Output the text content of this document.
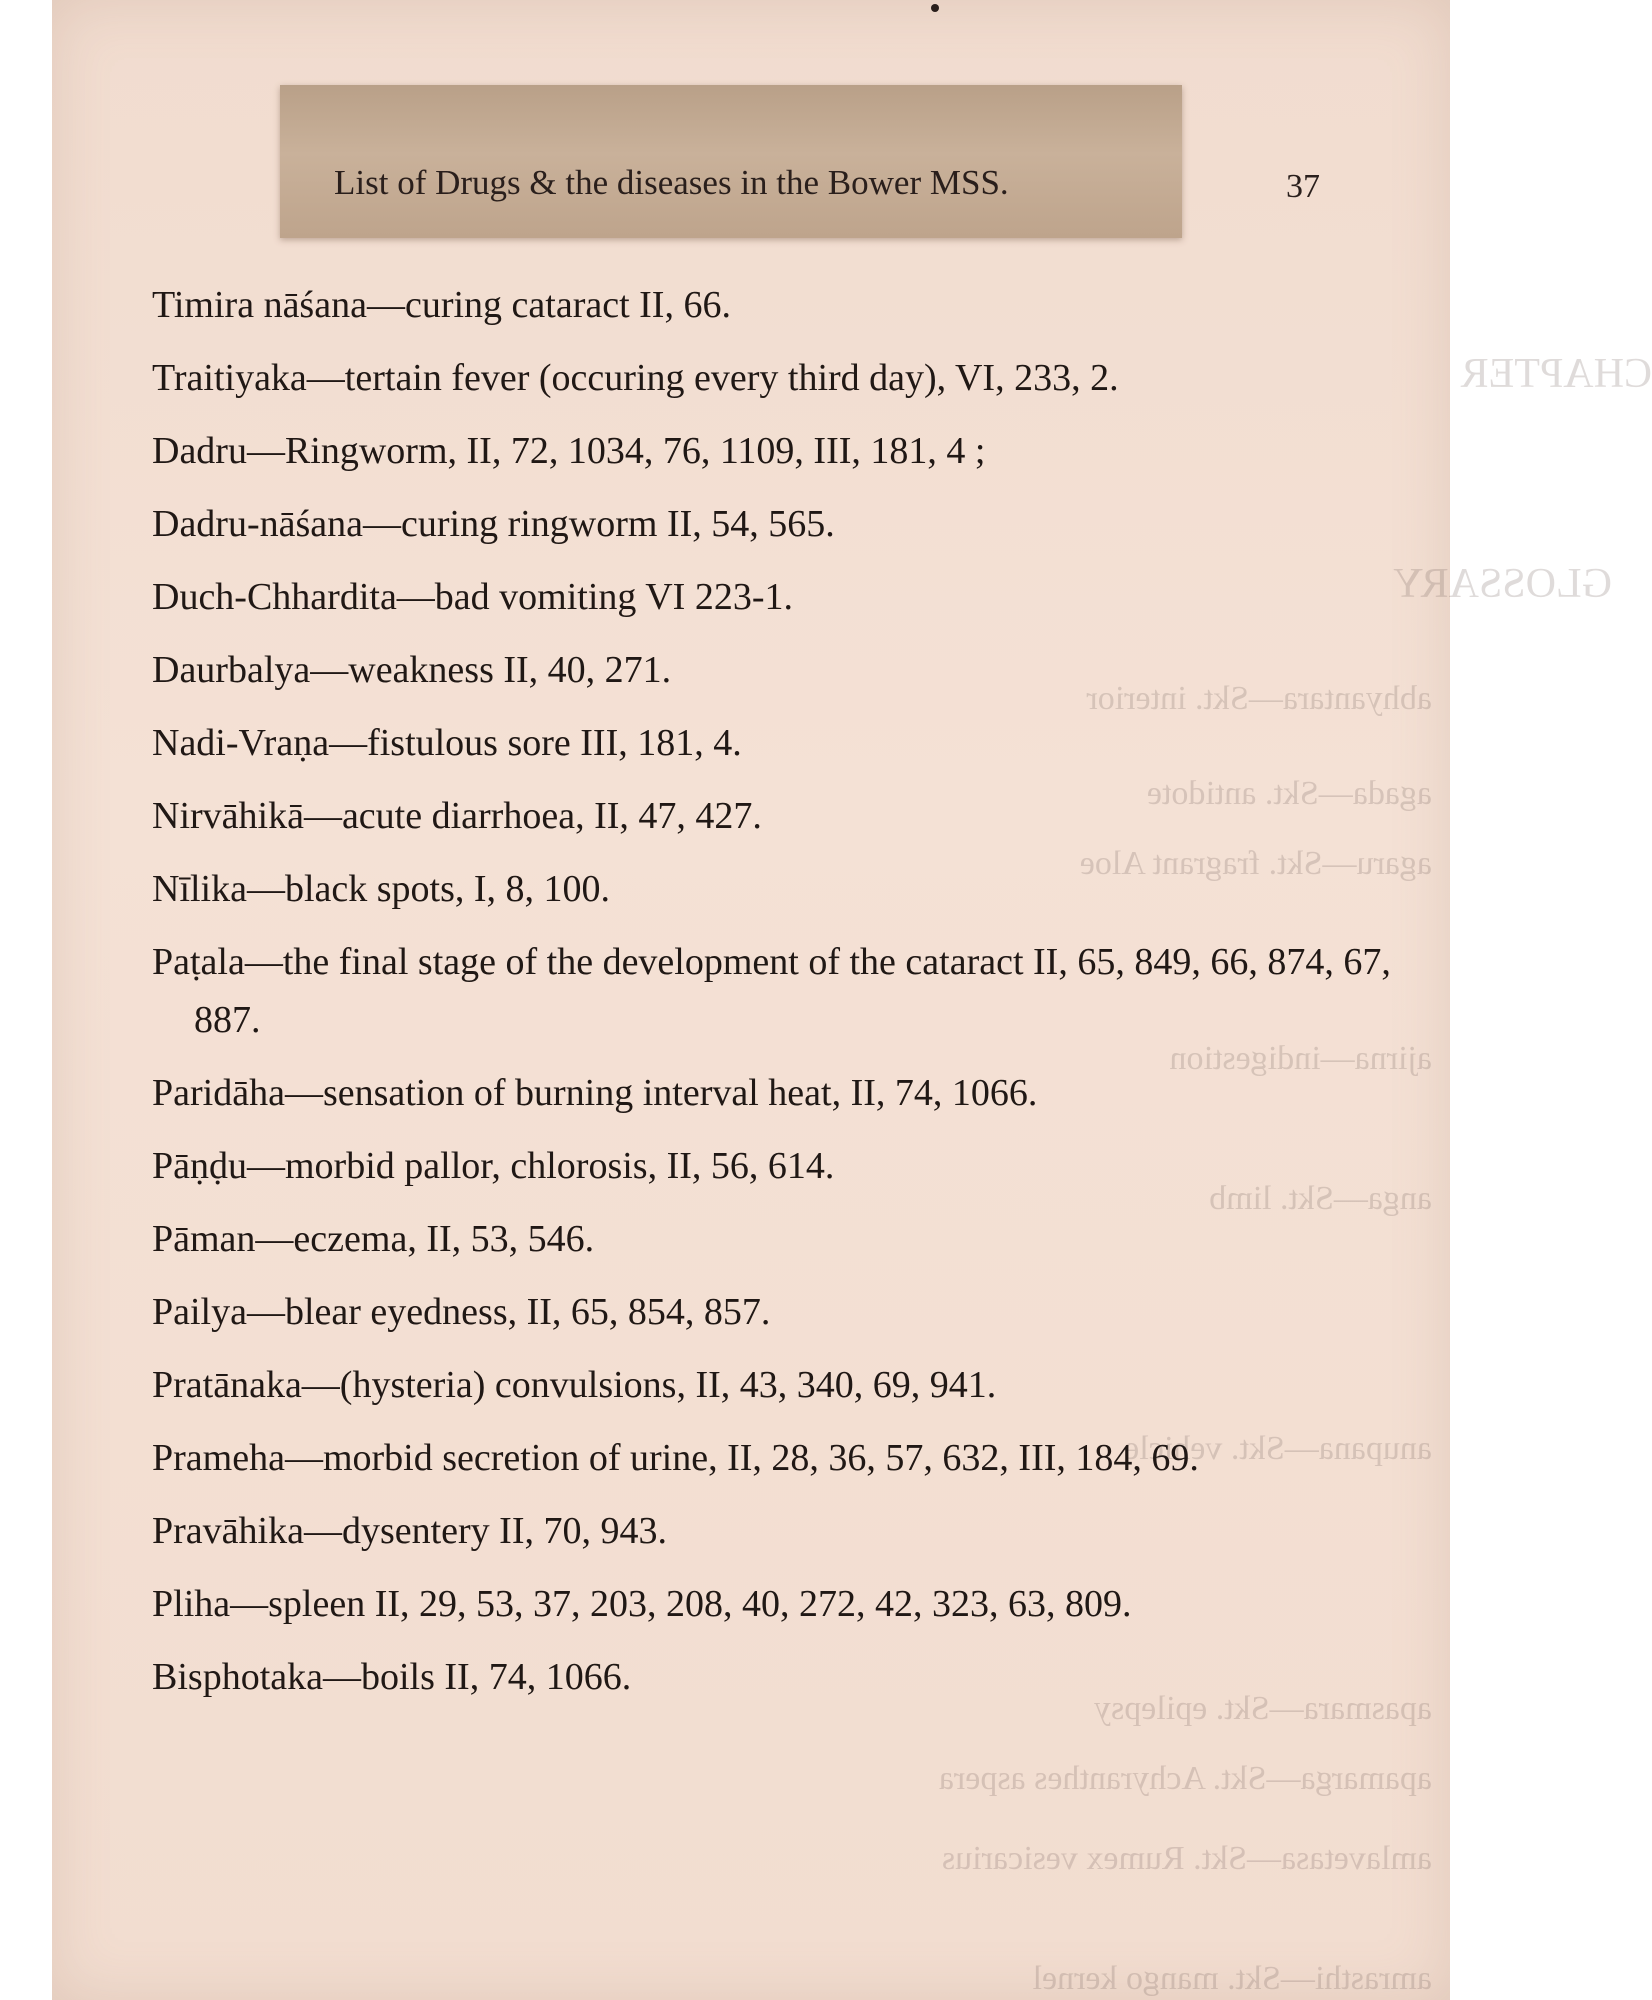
CHAPTER
GLOSSARY
abhyantara—Skt. interior
agada—Skt. antidote
agaru—Skt. fragrant Aloe
ajirna—indigestion
anga—Skt. limb
anupana—Skt. vehicle
apasmara—Skt. epilepsy
apamarga—Skt. Achyranthes aspera
amlavetasa—Skt. Rumex vesicarius
amrasthi—Skt. mango kernel
List of Drugs & the diseases in the Bower MSS.	37
Timira nāśana—curing cataract II, 66.
Traitiyaka—tertain fever (occuring every third day), VI, 233, 2.
Dadru—Ringworm, II, 72, 1034, 76, 1109, III, 181, 4 ;
Dadru-nāśana—curing ringworm II, 54, 565.
Duch-Chhardita—bad vomiting VI 223-1.
Daurbalya—weakness II, 40, 271.
Nadi-Vraṇa—fistulous sore III, 181, 4.
Nirvāhikā—acute diarrhoea, II, 47, 427.
Nīlika—black spots, I, 8, 100.
Paṭala—the final stage of the development of the cataract II, 65, 849, 66, 874, 67, 887.
Paridāha—sensation of burning interval heat, II, 74, 1066.
Pāṇḍu—morbid pallor, chlorosis, II, 56, 614.
Pāman—eczema, II, 53, 546.
Pailya—blear eyedness, II, 65, 854, 857.
Pratānaka—(hysteria) convulsions, II, 43, 340, 69, 941.
Prameha—morbid secretion of urine, II, 28, 36, 57, 632, III, 184, 69.
Pravāhika—dysentery II, 70, 943.
Pliha—spleen II, 29, 53, 37, 203, 208, 40, 272, 42, 323, 63, 809.
Bisphotaka—boils II, 74, 1066.
